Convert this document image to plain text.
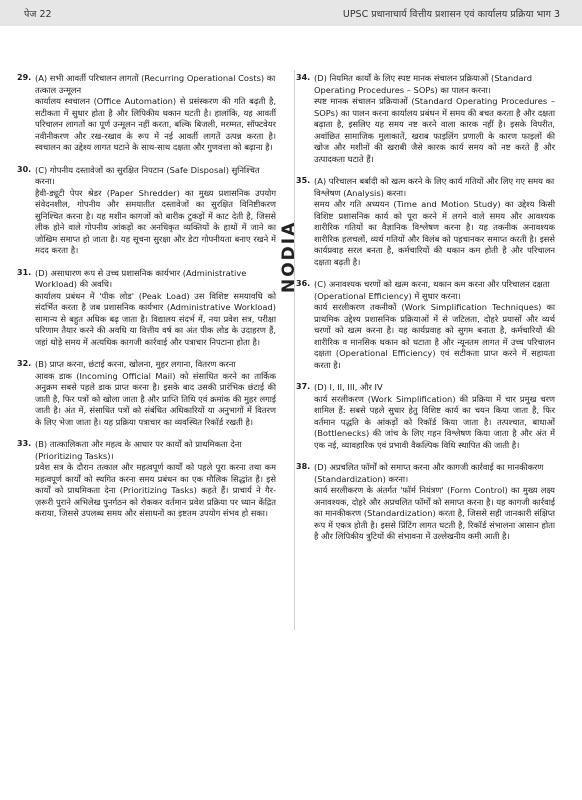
पेज 22	UPSC प्रधानाचार्य वित्तीय प्रशासन एवं कार्यालय प्रक्रिया भाग 3
NODIA
29. (A) सभी आवर्ती परिचालन लागतों (Recurring Operational Costs) का तत्काल उन्मूलन

कार्यालय स्वचालन (Office Automation) से प्रसंस्करण की गति बढ़ती है, सटीकता में सुधार होता है और लिपिकीय थकान घटती है। हालांकि, यह आवर्ती परिचालन लागतों का पूर्ण उन्मूलन नहीं करता, बल्कि बिजली, मरम्मत, सॉफ्टवेयर नवीनीकरण और रख-रखाव के रूप में नई आवर्ती लागतें उत्पन्न करता है। स्वचालन का उद्देश्य लागत घटाने के साथ-साथ दक्षता और गुणवत्ता को बढ़ाना है।

30. (C) गोपनीय दस्तावेजों का सुरक्षित निपटान (Safe Disposal) सुनिश्चित करना।

हैवी-ड्यूटी पेपर श्रेडर (Paper Shredder) का मुख्य प्रशासनिक उपयोग संवेदनशील, गोपनीय और समयातीत दस्तावेजों का सुरक्षित विनिष्टीकरण सुनिश्चित करना है। यह मशीन कागजों को बारीक टुकड़ों में काट देती है, जिससे लीक होने वाले गोपनीय आंकड़ों का अनधिकृत व्यक्तियों के हाथों में जाने का जोखिम समाप्त हो जाता है। यह सूचना सुरक्षा और डेटा गोपनीयता बनाए रखने में मदद करता है।

31. (D) असाधारण रूप से उच्च प्रशासनिक कार्यभार (Administrative Workload) की अवधि।

कार्यालय प्रबंधन में 'पीक लोड' (Peak Load) उस विशिष्ट समयावधि को संदर्भित करता है जब प्रशासनिक कार्यभार (Administrative Workload) सामान्य से बहुत अधिक बढ़ जाता है। विद्यालय संदर्भ में, नया प्रवेश सत्र, परीक्षा परिणाम तैयार करने की अवधि या वित्तीय वर्ष का अंत पीक लोड के उदाहरण हैं, जहां थोड़े समय में अत्यधिक कागजी कार्रवाई और पत्राचार निपटाना होता है।

32. (B) प्राप्त करना, छंटाई करना, खोलना, मुहर लगाना, वितरण करना

आवक डाक (Incoming Official Mail) को संसाधित करने का तार्किक अनुक्रम सबसे पहले डाक प्राप्त करना है। इसके बाद उसकी प्रारंभिक छंटाई की जाती है, फिर पत्रों को खोला जाता है और प्राप्ति तिथि एवं क्रमांक की मुहर लगाई जाती है। अंत में, संसाधित पत्रों को संबंधित अधिकारियों या अनुभागों में वितरण के लिए भेजा जाता है। यह प्रक्रिया पत्राचार का व्यवस्थित रिकॉर्ड रखती है।

33. (B) तात्कालिकता और महत्व के आधार पर कार्यों को प्राथमिकता देना (Prioritizing Tasks)।

प्रवेश सत्र के दौरान तत्काल और महत्वपूर्ण कार्यों को पहले पूरा करना तथा कम महत्वपूर्ण कार्यों को स्थगित करना समय प्रबंधन का एक मौलिक सिद्धांत है। इसे कार्यों को प्राथमिकता देना (Prioritizing Tasks) कहते हैं। प्राचार्य ने गैर-ज़रूरी पुराने अभिलेख पुनर्गठन को रोककर वर्तमान प्रवेश प्रक्रिया पर ध्यान केंद्रित कराया, जिससे उपलब्ध समय और संसाधनों का इष्टतम उपयोग संभव हो सका।

34. (D) नियमित कार्यों के लिए स्पष्ट मानक संचालन प्रक्रियाओं (Standard Operating Procedures – SOPs) का पालन करना।

स्पष्ट मानक संचालन प्रक्रियाओं (Standard Operating Procedures – SOPs) का पालन करना कार्यालय प्रबंधन में समय की बचत करता है और दक्षता बढ़ाता है, इसलिए यह समय नष्ट करने वाला कारक नहीं है। इसके विपरीत, अवांछित सामाजिक मुलाकातें, खराब फाइलिंग प्रणाली के कारण फाइलों की खोज और मशीनों की खराबी जैसे कारक कार्य समय को नष्ट करते हैं और उत्पादकता घटाते हैं।

35. (A) परिचालन बर्बादी को खत्म करने के लिए कार्य गतियों और लिए गए समय का विश्लेषण (Analysis) करना।

समय और गति अध्ययन (Time and Motion Study) का उद्देश्य किसी विशिष्ट प्रशासनिक कार्य को पूरा करने में लगने वाले समय और आवश्यक शारीरिक गतियों का वैज्ञानिक विश्लेषण करना है। यह तकनीक अनावश्यक शारीरिक हलचलों, व्यर्थ गतियों और विलंब को पहचानकर समाप्त करती है। इससे कार्यप्रवाह सरल बनता है, कर्मचारियों की थकान कम होती है और परिचालन दक्षता बढ़ती है।

36. (C) अनावश्यक चरणों को खत्म करना, थकान कम करना और परिचालन दक्षता (Operational Efficiency) में सुधार करना।

कार्य सरलीकरण तकनीकों (Work Simplification Techniques) का प्राथमिक उद्देश्य प्रशासनिक प्रक्रियाओं में से जटिलता, दोहरे प्रयासों और व्यर्थ चरणों को खत्म करना है। यह कार्यप्रवाह को सुगम बनाता है, कर्मचारियों की शारीरिक व मानसिक थकान को घटाता है और न्यूनतम लागत में उच्च परिचालन दक्षता (Operational Efficiency) एवं सटीकता प्राप्त करने में सहायता करता है।

37. (D) I, II, III, और IV

कार्य सरलीकरण (Work Simplification) की प्रक्रिया में चार प्रमुख चरण शामिल हैं: सबसे पहले सुधार हेतु विशिष्ट कार्य का चयन किया जाता है, फिर वर्तमान पद्धति के आंकड़ों को रिकॉर्ड किया जाता है। तत्पश्चात, बाधाओं (Bottlenecks) की जांच के लिए गहन विश्लेषण किया जाता है और अंत में एक नई, व्यावहारिक एवं प्रभावी वैकल्पिक विधि स्थापित की जाती है।

38. (D) अप्रचलित फॉर्मों को समाप्त करना और कागजी कार्रवाई का मानकीकरण (Standardization) करना।

कार्य सरलीकरण के अंतर्गत 'फॉर्म नियंत्रण' (Form Control) का मुख्य लक्ष्य अनावश्यक, दोहरे और अप्रचलित फॉर्मों को समाप्त करना है। यह कागजी कार्रवाई का मानकीकरण (Standardization) करता है, जिससे सही जानकारी संक्षिप्त रूप में एकत्र होती है। इससे प्रिंटिंग लागत घटती है, रिकॉर्ड संभालना आसान होता है और लिपिकीय त्रुटियों की संभावना में उल्लेखनीय कमी आती है।
